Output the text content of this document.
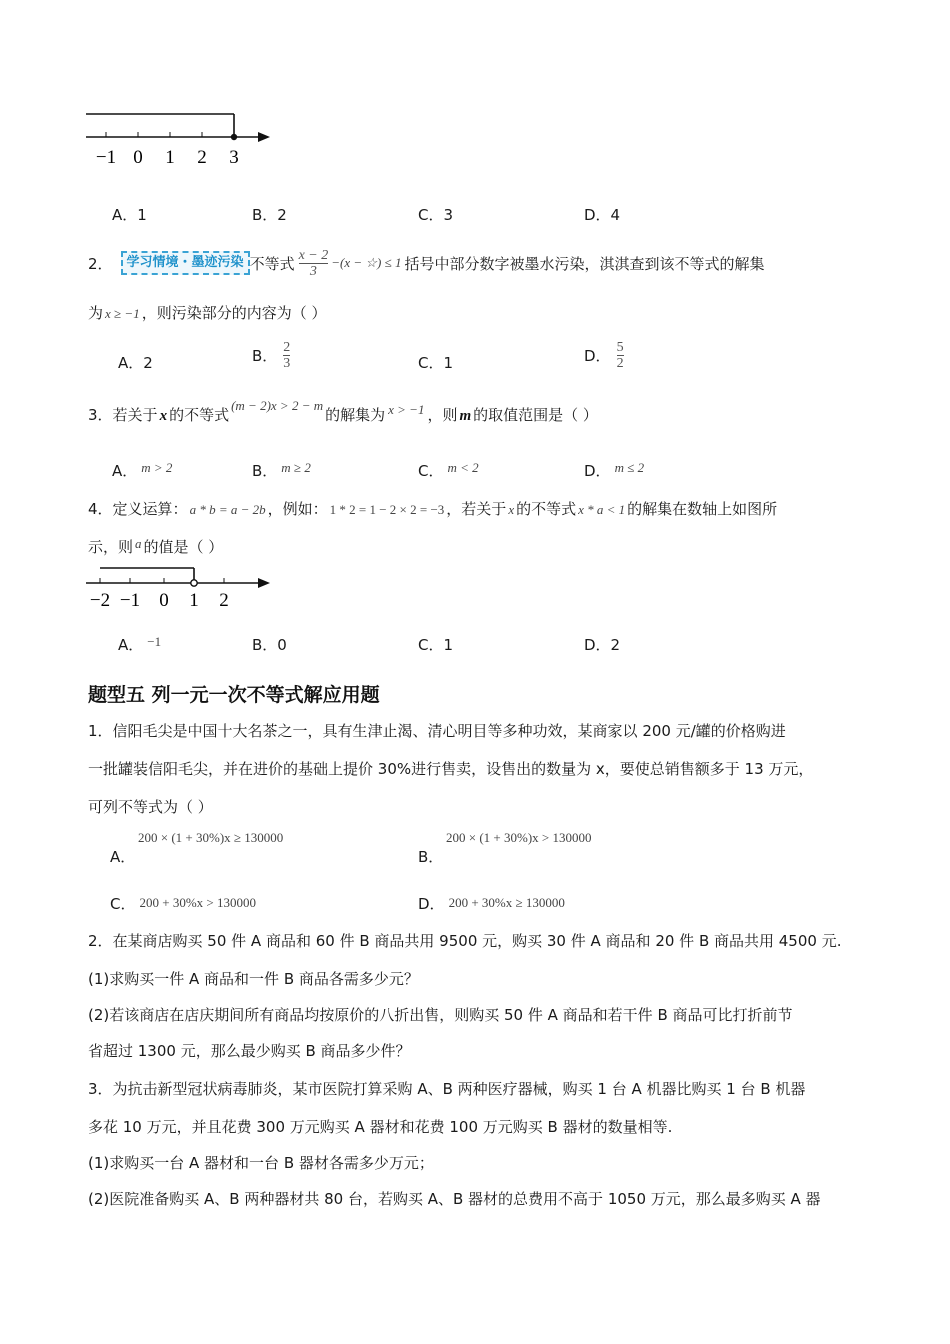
−1 0 1 2 3
A．1	B．2	C．3	D．4
2．	学习情境・墨迹污染 不等式 $\frac{x - 2}{3} -(x$ − ☆) ≤ 1 括号中部分数字被墨水污染，淇淇查到该不等式的解集
为 x ≥ −1 ，则污染部分的内容为（ ）
A．2	B． $\frac{2}{3}$	C．1	D． $\frac{5}{2}$
3． 若关于 x 的不等式
(m − 2)x > 2 − m
的解集为 x > −1 ，则 m 的取值范围是（ ）
A． m > 2	B． m ≥ 2	C． m < 2	D． m ≤ 2
4． 定义运算： a * b = a − 2b ，例如： 1 * 2 = 1 − 2 × 2 = −3 ，若关于 x 的不等式 x * a < 1 的解集在数轴上如图所
示，则 a 的值是（ ）
−2 −1 0 1 2
A． −1	B．0	C．1	D．2
题型五 列一元一次不等式解应用题
1．信阳毛尖是中国十大名茶之一，具有生津止渴、清心明目等多种功效，某商家以 200 元/罐的价格购进
一批罐装信阳毛尖，并在进价的基础上提价 30%进行售卖，设售出的数量为 x，要使总销售额多于 13 万元，
可列不等式为（ ）
A．
200 × (1 + 30%)x ≥ 130000
B．
200 × (1 + 30%)x > 130000
C． 200 + 30%x > 130000	D． 200 + 30%x ≥ 130000
2．在某商店购买 50 件 A 商品和 60 件 B 商品共用 9500 元，购买 30 件 A 商品和 20 件 B 商品共用 4500 元.
(1)求购买一件 A 商品和一件 B 商品各需多少元？
(2)若该商店在店庆期间所有商品均按原价的八折出售，则购买 50 件 A 商品和若干件 B 商品可比打折前节
省超过 1300 元，那么最少购买 B 商品多少件？
3．为抗击新型冠状病毒肺炎，某市医院打算采购 A、B 两种医疗器械，购买 1 台 A 机器比购买 1 台 B 机器
多花 10 万元，并且花费 300 万元购买 A 器材和花费 100 万元购买 B 器材的数量相等.
(1)求购买一台 A 器材和一台 B 器材各需多少万元；
(2)医院准备购买 A、B 两种器材共 80 台，若购买 A、B 器材的总费用不高于 1050 万元，那么最多购买 A 器
